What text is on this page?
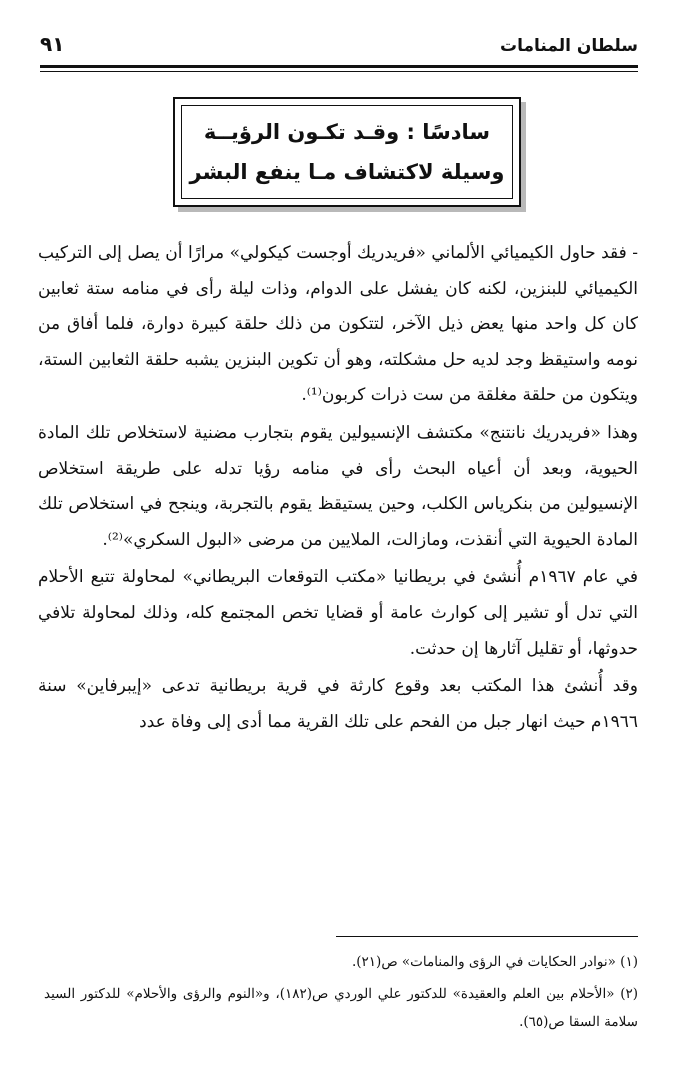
سلطان المنامات
٩١
سادسًا : وقـد تكـون الرؤيــة
وسيلة لاكتشاف مـا ينفع البشر

- فقد حاول الكيميائي الألماني «فريدريك أوجست كيكولي» مرارًا أن يصل إلى التركيب الكيميائي للبنزين، لكنه كان يفشل على الدوام، وذات ليلة رأى في منامه ستة ثعابين كان كل واحد منها يعض ذيل الآخر، لتتكون من ذلك حلقة كبيرة دوارة، فلما أفاق من نومه واستيقظ وجد لديه حل مشكلته، وهو أن تكوين البنزين يشبه حلقة الثعابين الستة، ويتكون من حلقة مغلقة من ست ذرات كربون⁽¹⁾.

وهذا «فريدريك نانتنج» مكتشف الإنسيولين يقوم بتجارب مضنية لاستخلاص تلك المادة الحيوية، وبعد أن أعياه البحث رأى في منامه رؤيا تدله على طريقة استخلاص الإنسيولين من بنكرياس الكلب، وحين يستيقظ يقوم بالتجربة، وينجح في استخلاص تلك المادة الحيوية التي أنقذت، ومازالت، الملايين من مرضى «البول السكري»⁽²⁾.

في عام ١٩٦٧م أُنشئ في بريطانيا «مكتب التوقعات البريطاني» لمحاولة تتبع الأحلام التي تدل أو تشير إلى كوارث عامة أو قضايا تخص المجتمع كله، وذلك لمحاولة تلافي حدوثها، أو تقليل آثارها إن حدثت.

وقد أُنشئ هذا المكتب بعد وقوع كارثة في قرية بريطانية تدعى «إيبرفاين» سنة ١٩٦٦م حيث انهار جبل من الفحم على تلك القرية مما أدى إلى وفاة عدد

(١) «نوادر الحكايات في الرؤى والمنامات» ص(٢١).

(٢) «الأحلام بين العلم والعقيدة» للدكتور علي الوردي ص(١٨٢)، و«النوم والرؤى والأحلام» للدكتور السيد سلامة السقا ص(٦٥).
